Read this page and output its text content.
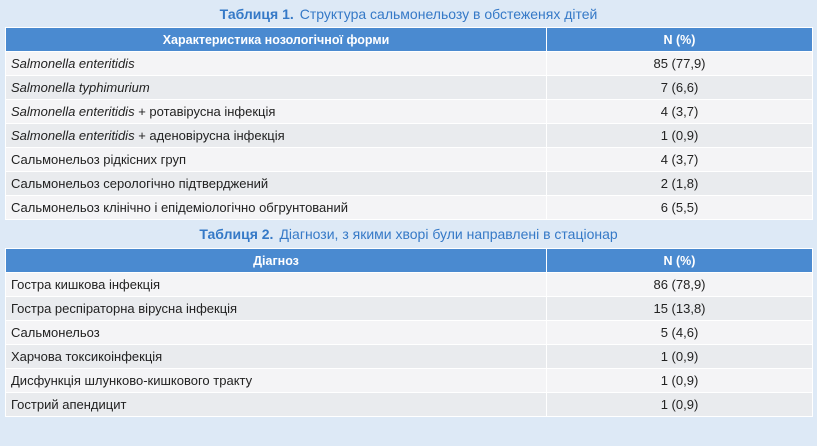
Таблиця 1. Структура сальмонельозу в обстеженях дітей
Характеристика нозологічної форми	N (%)
Salmonella enteritidis	85 (77,9)
Salmonella typhimurium	7 (6,6)
Salmonella enteritidis + ротавірусна інфекція	4 (3,7)
Salmonella enteritidis + аденовірусна інфекція	1 (0,9)
Сальмонельоз рідкісних груп	4 (3,7)
Сальмонельоз серологічно підтверджений	2 (1,8)
Сальмонельоз клінічно і епідеміологічно обгрунтований	6 (5,5)
Таблиця 2. Діагнози, з якими хворі були направлені в стаціонар
Діагноз	N (%)
Гостра кишкова інфекція	86 (78,9)
Гостра респіраторна вірусна інфекція	15 (13,8)
Сальмонельоз	5 (4,6)
Харчова токсикоінфекція	1 (0,9)
Дисфункція шлунково-кишкового тракту	1 (0,9)
Гострий апендицит	1 (0,9)
